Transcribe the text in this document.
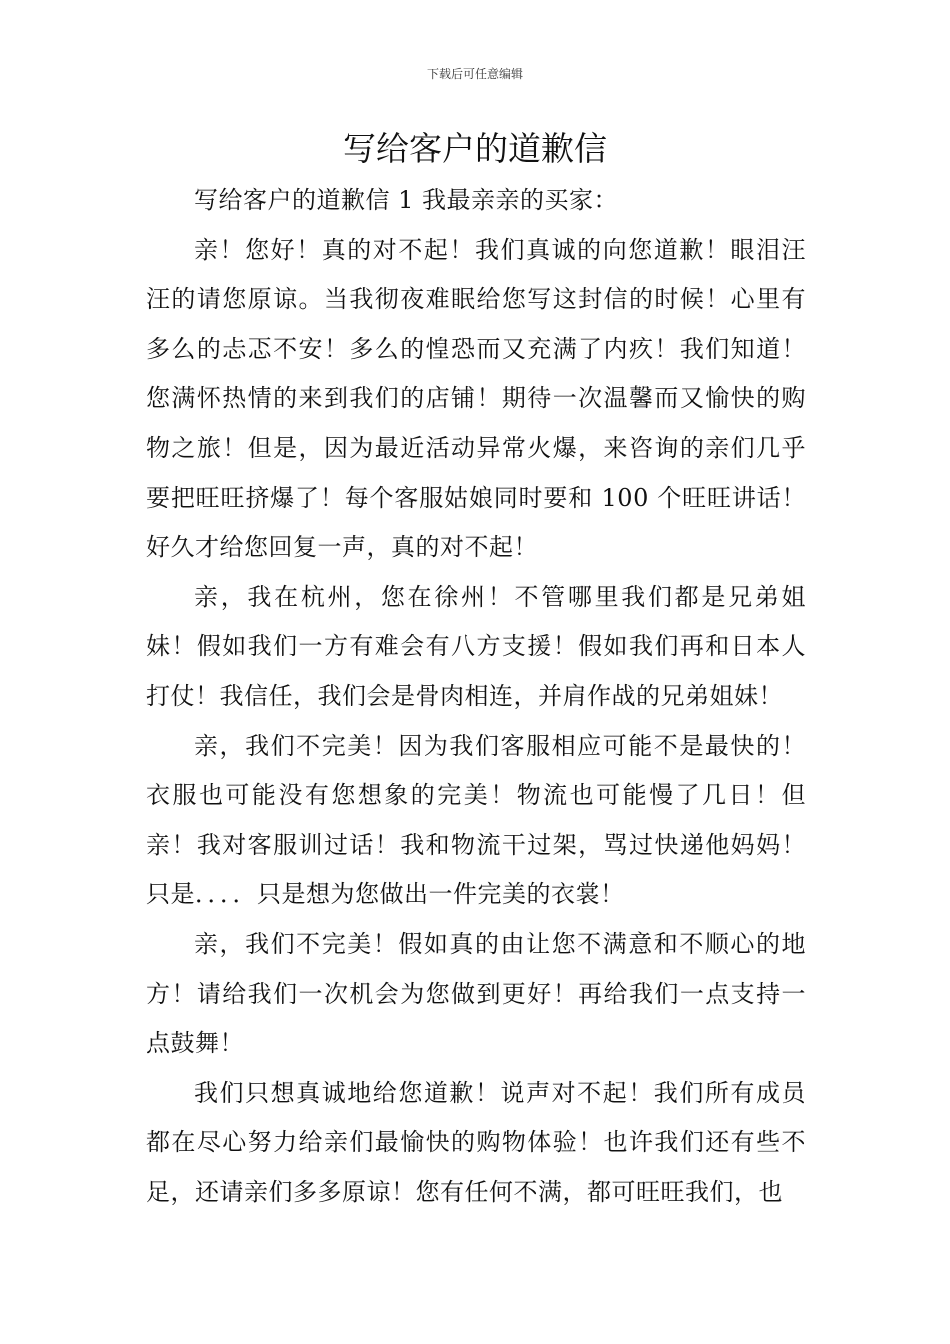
下载后可任意编辑
写给客户的道歉信

写给客户的道歉信 1 我最亲亲的买家：

亲！您好！真的对不起！我们真诚的向您道歉！眼泪汪汪的请您原谅。当我彻夜难眠给您写这封信的时候！心里有多么的忐忑不安！多么的惶恐而又充满了内疚！我们知道！您满怀热情的来到我们的店铺！期待一次温馨而又愉快的购物之旅！但是，因为最近活动异常火爆，来咨询的亲们几乎要把旺旺挤爆了！每个客服姑娘同时要和 100 个旺旺讲话！好久才给您回复一声，真的对不起！

亲，我在杭州，您在徐州！不管哪里我们都是兄弟姐妹！假如我们一方有难会有八方支援！假如我们再和日本人打仗！我信任，我们会是骨肉相连，并肩作战的兄弟姐妹！

亲，我们不完美！因为我们客服相应可能不是最快的！衣服也可能没有您想象的完美！物流也可能慢了几日！但亲！我对客服训过话！我和物流干过架，骂过快递他妈妈！只是．．．．只是想为您做出一件完美的衣裳！

亲，我们不完美！假如真的由让您不满意和不顺心的地方！请给我们一次机会为您做到更好！再给我们一点支持一点鼓舞！

我们只想真诚地给您道歉！说声对不起！我们所有成员都在尽心努力给亲们最愉快的购物体验！也许我们还有些不足，还请亲们多多原谅！您有任何不满，都可旺旺我们，也
